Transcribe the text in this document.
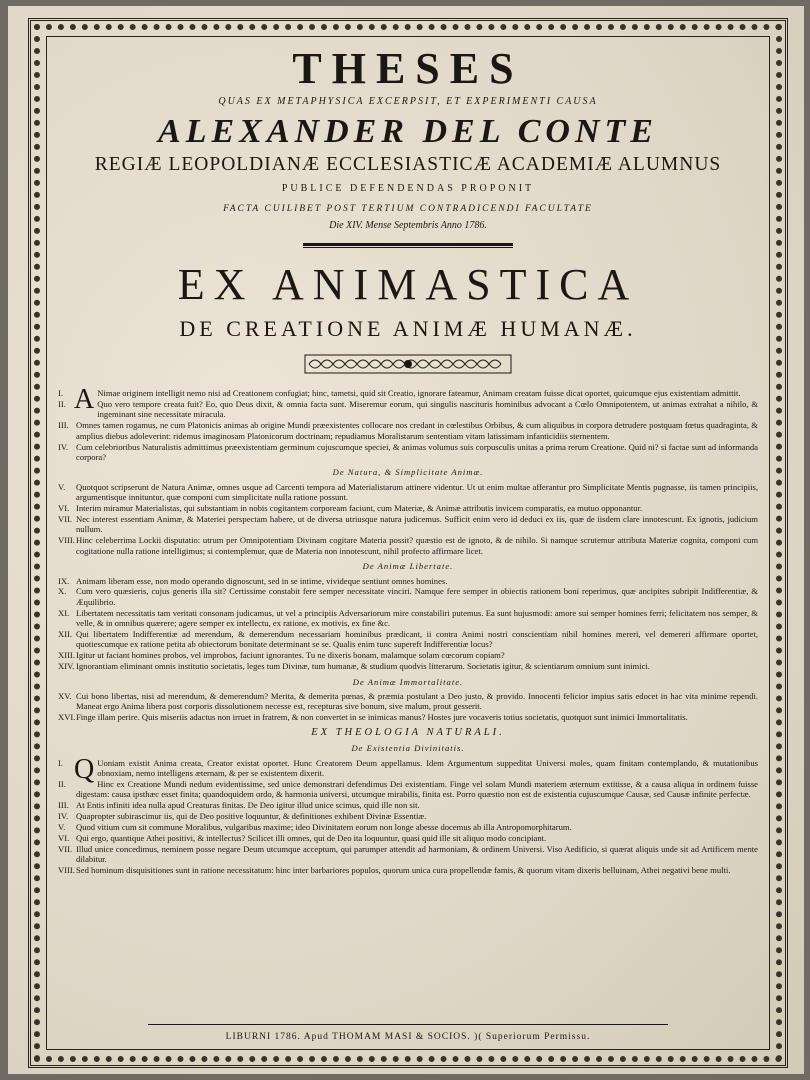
THESES
QUAS EX METAPHYSICA EXCERPSIT, ET EXPERIMENTI CAUSA
ALEXANDER DEL CONTE
REGIÆ LEOPOLDIANÆ ECCLESIASTICÆ ACADEMIÆ ALUMNUS
PUBLICE DEFENDENDAS PROPONIT
FACTA CUILIBET POST TERTIUM CONTRADICENDI FACULTATE
Die XIV. Mense Septembris Anno 1786.
EX ANIMASTICA
DE CREATIONE ANIMÆ HUMANÆ.
I. A Nimae originem intelligit nemo nisi ad Creationem confugiat; hinc, tametsi, quid sit Creatio, ignorare fateamur, Animam creatam fuisse dicat oportet, quicumque ejus existentiam admittit.
II.	Quo vero tempore creata fuit? Eo, quo Deus dixit, & omnia facta sunt. Miseremur eorum, qui singulis nascituris hominibus advocant a Cœlo Omnipotentem, ut animas extrahat a nihilo, & ingeminant sine necessitate miracula.
III. Omnes tamen rogamus, ne cum Platonicis animas ab origine Mundi præexistentes collocare nos credant in cœlestibus Orbibus, & cum aliquibus in corpora detrudere postquam fœtus quadraginta, & amplius diebus adoleverint: ridemus imaginosam Platonicorum doctrinam; repudiamus Moralistarum sententiam vitam latissimam infanticidiis sternentem.
IV. Cum celebrioribus Naturalistis admittimus præexistentiam germinum cujuscumque speciei, & animas volumus suis corpusculis unitas a prima rerum Creatione. Quid ni? si factae sunt ad informanda corpora?
De Natura, & Simplicitate Animæ.
V.	Quotquot scripserunt de Natura Animæ, omnes usque ad Carcenti tempora ad Materialistarum attinere videntur. Ut ut enim multae afferantur pro Simplicitate Mentis pugnasse, iis tamen principiis, argumentisque innituntur, quæ componi cum simplicitate nulla ratione possunt.
VI. Interim miramur Materialistas, qui substantiam in nobis cogitantem corpoream faciunt, cum Materiæ, & Animæ attributis invicem comparatis, ea mutuo opponantur.
VII. Nec interest essentiam Animæ, & Materiei perspectam habere, ut de diversa utriusque natura judicemus. Sufficit enim vero id deduci ex iis, quæ de iisdem clare innotescunt. Ex ignotis, judicium nullum.
VIII. Hinc celeberrima Lockii disputatio: utrum per Omnipotentiam Divinam cogitare Materia possit? quæstio est de ignoto, & de nihilo. Si namque scrutemur attributa Materiæ cognita, componi cum cogitatione nulla ratione intelligimus; si contemplemur, quæ de Materia non innotescunt, nihil profecto affirmare licet.
De Animæ Libertate.
IX. Animam liberam esse, non modo operando dignoscunt, sed in se intime, vivideque sentiunt omnes homines.
X.	Cum vero quæsieris, cujus generis illa sit? Certissime constabit fere semper necessitate vinciri. Namque fere semper in obiectis rationem boni reperimus, quæ ancipites subripit Indifferentiæ, & Æquilibrio.
XI. Libertatem necessitatis tam veritati consonam judicamus, ut vel a principiis Adversariorum mire constabiliri putemus. Ea sunt hujusmodi: amore sui semper homines ferri; felicitatem nos semper, & velle, & in omnibus quærere; agere semper ex intellectu, ex ratione, ex motivis, ex fine &c.
XII. Qui libertatem Indifferentiæ ad merendum, & demerendum necessariam hominibus prædicant, ii contra Animi nostri conscientiam nihil homines mereri, vel demereri affirmare oportet, quotiescumque ex ratione petita ab obiectorum bonitate determinant se se. Qualis enim tunc supereft Indifferentiæ locus?
XIII. Igitur ut faciant homines probos, vel improbos, faciunt ignorantes. Tu ne dixeris bonam, malamque solam cœcorum copiam?
XIV. Ignorantiam eliminant omnis institutio societatis, leges tum Divinæ, tum humanæ, & studium quodvis litterarum. Societatis igitur, & scientiarum omnium sunt inimici.
De Animæ Immortalitate.
XV. Cui bono libertas, nisi ad merendum, & demerendum? Merita, & demerita pœnas, & præmia postulant a Deo justo, & provido. Innocenti felicior impius satis edocet in hac vita minime rependi. Maneat ergo Anima libera post corporis dissolutionem necesse est, recepturas sive bonum, sive malum, prout gesserit.
XVI. Finge illam perire. Quis miseriis adactus non irruet in fratrem, & non convertet in se inimicas manus? Hostes jure vocaveris totius societatis, quotquot sunt inimici Immortalitatis.
EX THEOLOGIA NATURALI.
De Existentia Divinitatis.
I. Q Uoniam existit Anima creata, Creator existat oportet. Hunc Creatorem Deum appellamus. Idem Argumentum suppeditat Universi moles, quam finitam contemplando, & mutationibus obnoxiam, nemo intelligens æternam, & per se existentem dixerit.
II.	Hinc ex Creatione Mundi nedum evidentissime, sed unice demonstrari defendimus Dei existentiam. Finge vel solam Mundi materiem æternum extitisse, & a causa aliqua in ordinem fuisse digestam: causa ipsthæc esset finita; quandoquidem ordo, & harmonia universi, utcumque mirabilis, finita est. Porro quæstio non est de existentia cujuscumque Causæ, sed Causæ infinite perfectæ.
III. At Entis infiniti idea nulla apud Creaturas finitas. De Deo igitur illud unice scimus, quid ille non sit.
IV. Quapropter subirascimur iis, qui de Deo positive loquuntur, & definitiones exhibent Divinæ Essentiæ.
V.	Quod vitium cum sit commune Moralibus, vulgaribus maxime; ideo Divinitatem eorum non longe abesse docemus ab illa Antropomorphitarum.
VI. Qui ergo, quantique Athei positivi, & intellectus? Scilicet illi omnes, qui de Deo ita loquuntur, quasi quid ille sit aliquo modo concipiant.
VII. Illud unice concedimus, neminem posse negare Deum utcumque acceptum, qui parumper attendit ad harmoniam, & ordinem Universi. Viso Aedificio, si quærat aliquis unde sit ad Artificem mente dilabitur.
VIII. Sed hominum disquisitiones sunt in ratione necessitatum: hinc inter barbariores populos, quorum unica cura propellendæ famis, & quorum vitam dixeris belluinam, Athei negativi bene multi.
LIBURNI 1786. Apud THOMAM MASI & SOCIOS. )( Superiorum Permissu.
